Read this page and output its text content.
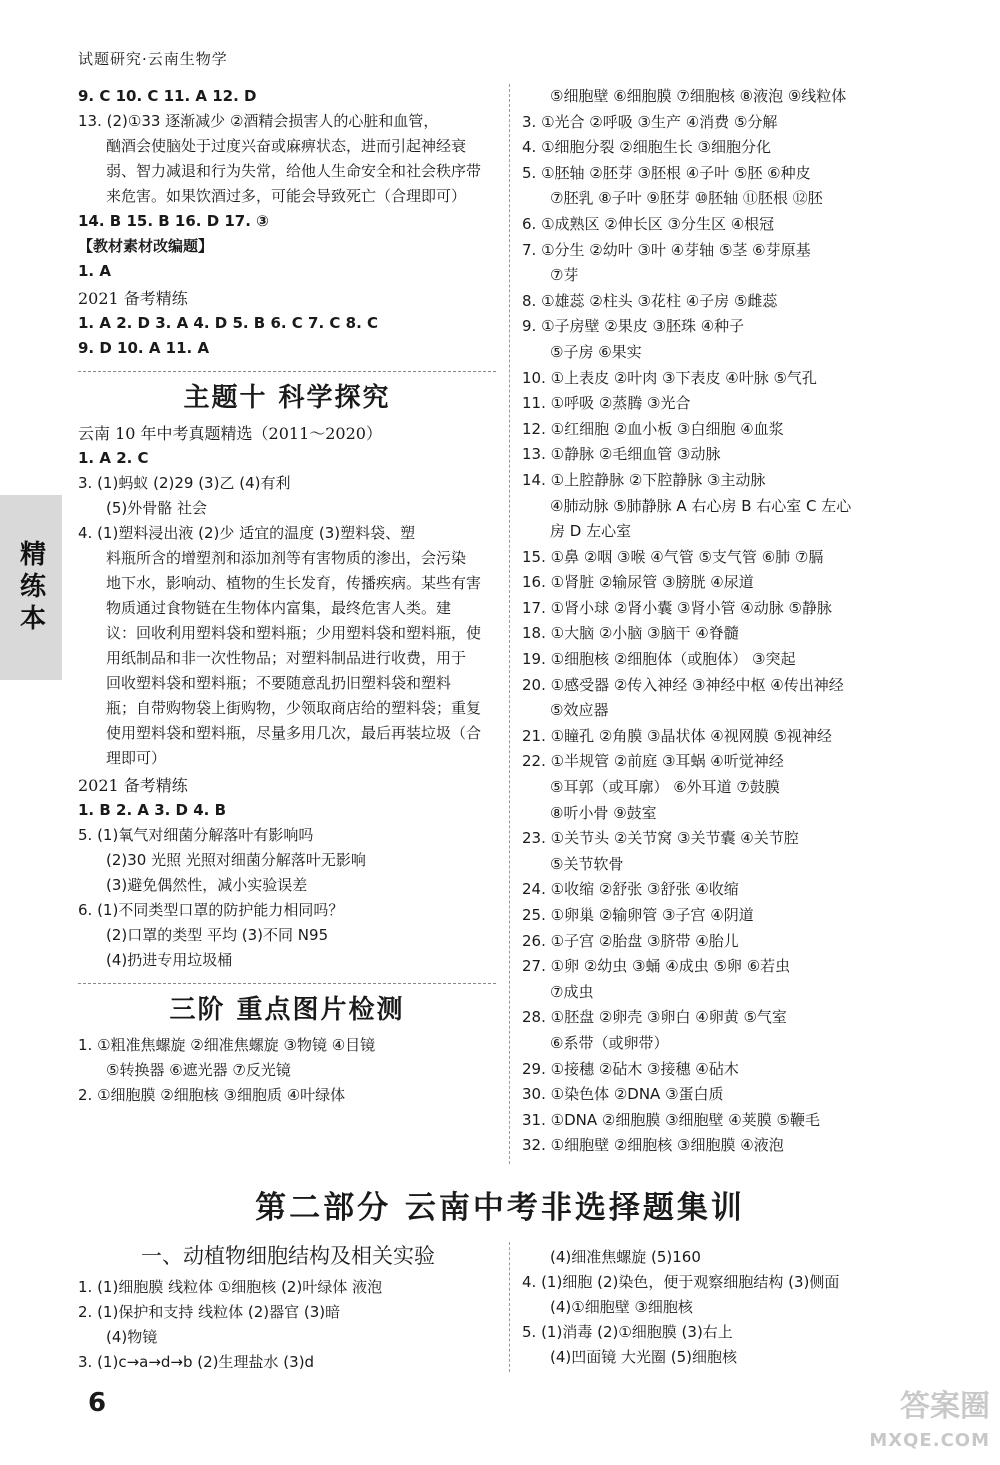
试题研究·云南生物学
精练本
9. C 10. C 11. A 12. D
13. (2)①33 逐渐减少 ②酒精会损害人的心脏和血管，
酗酒会使脑处于过度兴奋或麻痹状态，进而引起神经衰
弱、智力减退和行为失常，给他人生命安全和社会秩序带
来危害。如果饮酒过多，可能会导致死亡（合理即可）
14. B 15. B 16. D 17. ③
【教材素材改编题】
1. A
2021 备考精练
1. A 2. D 3. A 4. D 5. B 6. C 7. C 8. C
9. D 10. A 11. A
主题十 科学探究
云南 10 年中考真题精选（2011～2020）
1. A 2. C
3. (1)蚂蚁 (2)29 (3)乙 (4)有利
(5)外骨骼 社会
4. (1)塑料浸出液 (2)少 适宜的温度 (3)塑料袋、塑
料瓶所含的增塑剂和添加剂等有害物质的渗出，会污染
地下水，影响动、植物的生长发育，传播疾病。某些有害
物质通过食物链在生物体内富集，最终危害人类。建
议：回收利用塑料袋和塑料瓶；少用塑料袋和塑料瓶，使
用纸制品和非一次性物品；对塑料制品进行收费，用于
回收塑料袋和塑料瓶；不要随意乱扔旧塑料袋和塑料
瓶；自带购物袋上街购物，少领取商店给的塑料袋；重复
使用塑料袋和塑料瓶，尽量多用几次，最后再装垃圾（合
理即可）
2021 备考精练
1. B 2. A 3. D 4. B
5. (1)氧气对细菌分解落叶有影响吗
(2)30 光照 光照对细菌分解落叶无影响
(3)避免偶然性，减小实验误差
6. (1)不同类型口罩的防护能力相同吗？
(2)口罩的类型 平均 (3)不同 N95
(4)扔进专用垃圾桶
三阶 重点图片检测
1. ①粗准焦螺旋 ②细准焦螺旋 ③物镜 ④目镜
⑤转换器 ⑥遮光器 ⑦反光镜
2. ①细胞膜 ②细胞核 ③细胞质 ④叶绿体
⑤细胞壁 ⑥细胞膜 ⑦细胞核 ⑧液泡 ⑨线粒体
3. ①光合 ②呼吸 ③生产 ④消费 ⑤分解
4. ①细胞分裂 ②细胞生长 ③细胞分化
5. ①胚轴 ②胚芽 ③胚根 ④子叶 ⑤胚 ⑥种皮
⑦胚乳 ⑧子叶 ⑨胚芽 ⑩胚轴 ⑪胚根 ⑫胚
6. ①成熟区 ②伸长区 ③分生区 ④根冠
7. ①分生 ②幼叶 ③叶 ④芽轴 ⑤茎 ⑥芽原基
⑦芽
8. ①雄蕊 ②柱头 ③花柱 ④子房 ⑤雌蕊
9. ①子房壁 ②果皮 ③胚珠 ④种子
⑤子房 ⑥果实
10. ①上表皮 ②叶肉 ③下表皮 ④叶脉 ⑤气孔
11. ①呼吸 ②蒸腾 ③光合
12. ①红细胞 ②血小板 ③白细胞 ④血浆
13. ①静脉 ②毛细血管 ③动脉
14. ①上腔静脉 ②下腔静脉 ③主动脉
④肺动脉 ⑤肺静脉 A 右心房 B 右心室 C 左心
房 D 左心室
15. ①鼻 ②咽 ③喉 ④气管 ⑤支气管 ⑥肺 ⑦膈
16. ①肾脏 ②输尿管 ③膀胱 ④尿道
17. ①肾小球 ②肾小囊 ③肾小管 ④动脉 ⑤静脉
18. ①大脑 ②小脑 ③脑干 ④脊髓
19. ①细胞核 ②细胞体（或胞体） ③突起
20. ①感受器 ②传入神经 ③神经中枢 ④传出神经
⑤效应器
21. ①瞳孔 ②角膜 ③晶状体 ④视网膜 ⑤视神经
22. ①半规管 ②前庭 ③耳蜗 ④听觉神经
⑤耳郭（或耳廓） ⑥外耳道 ⑦鼓膜
⑧听小骨 ⑨鼓室
23. ①关节头 ②关节窝 ③关节囊 ④关节腔
⑤关节软骨
24. ①收缩 ②舒张 ③舒张 ④收缩
25. ①卵巢 ②输卵管 ③子宫 ④阴道
26. ①子宫 ②胎盘 ③脐带 ④胎儿
27. ①卵 ②幼虫 ③蛹 ④成虫 ⑤卵 ⑥若虫
⑦成虫
28. ①胚盘 ②卵壳 ③卵白 ④卵黄 ⑤气室
⑥系带（或卵带）
29. ①接穗 ②砧木 ③接穗 ④砧木
30. ①染色体 ②DNA ③蛋白质
31. ①DNA ②细胞膜 ③细胞壁 ④荚膜 ⑤鞭毛
32. ①细胞壁 ②细胞核 ③细胞膜 ④液泡
第二部分 云南中考非选择题集训
一、动植物细胞结构及相关实验
1. (1)细胞膜 线粒体 ①细胞核 (2)叶绿体 液泡
2. (1)保护和支持 线粒体 (2)器官 (3)暗
(4)物镜
3. (1)c→a→d→b (2)生理盐水 (3)d
(4)细准焦螺旋 (5)160
4. (1)细胞 (2)染色，便于观察细胞结构 (3)侧面
(4)①细胞壁 ③细胞核
5. (1)消毒 (2)①细胞膜 (3)右上
(4)凹面镜 大光圈 (5)细胞核
6	答案圈
MXQE.COM
